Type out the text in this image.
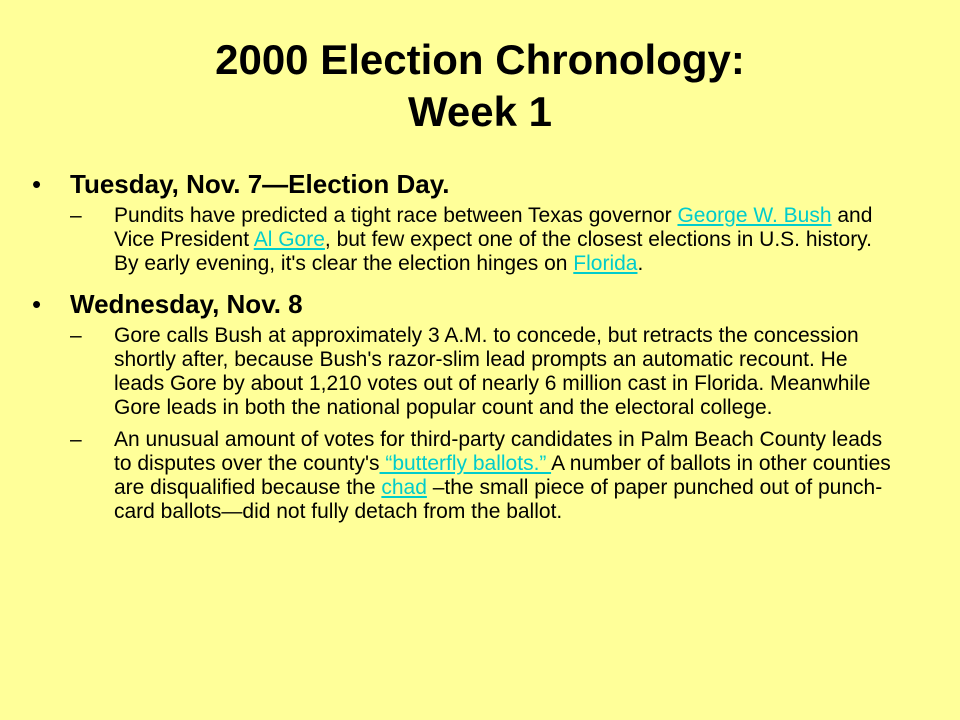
2000 Election Chronology:
Week 1
• Tuesday, Nov. 7—Election Day.
– Pundits have predicted a tight race between Texas governor George W. Bush and Vice President Al Gore, but few expect one of the closest elections in U.S. history. By early evening, it's clear the election hinges on Florida.
• Wednesday, Nov. 8
– Gore calls Bush at approximately 3 A.M. to concede, but retracts the concession shortly after, because Bush's razor-slim lead prompts an automatic recount. He leads Gore by about 1,210 votes out of nearly 6 million cast in Florida. Meanwhile Gore leads in both the national popular count and the electoral college.
– An unusual amount of votes for third-party candidates in Palm Beach County leads to disputes over the county's “butterfly ballots.” A number of ballots in other counties are disqualified because the chad –the small piece of paper punched out of punch-card ballots—did not fully detach from the ballot.
